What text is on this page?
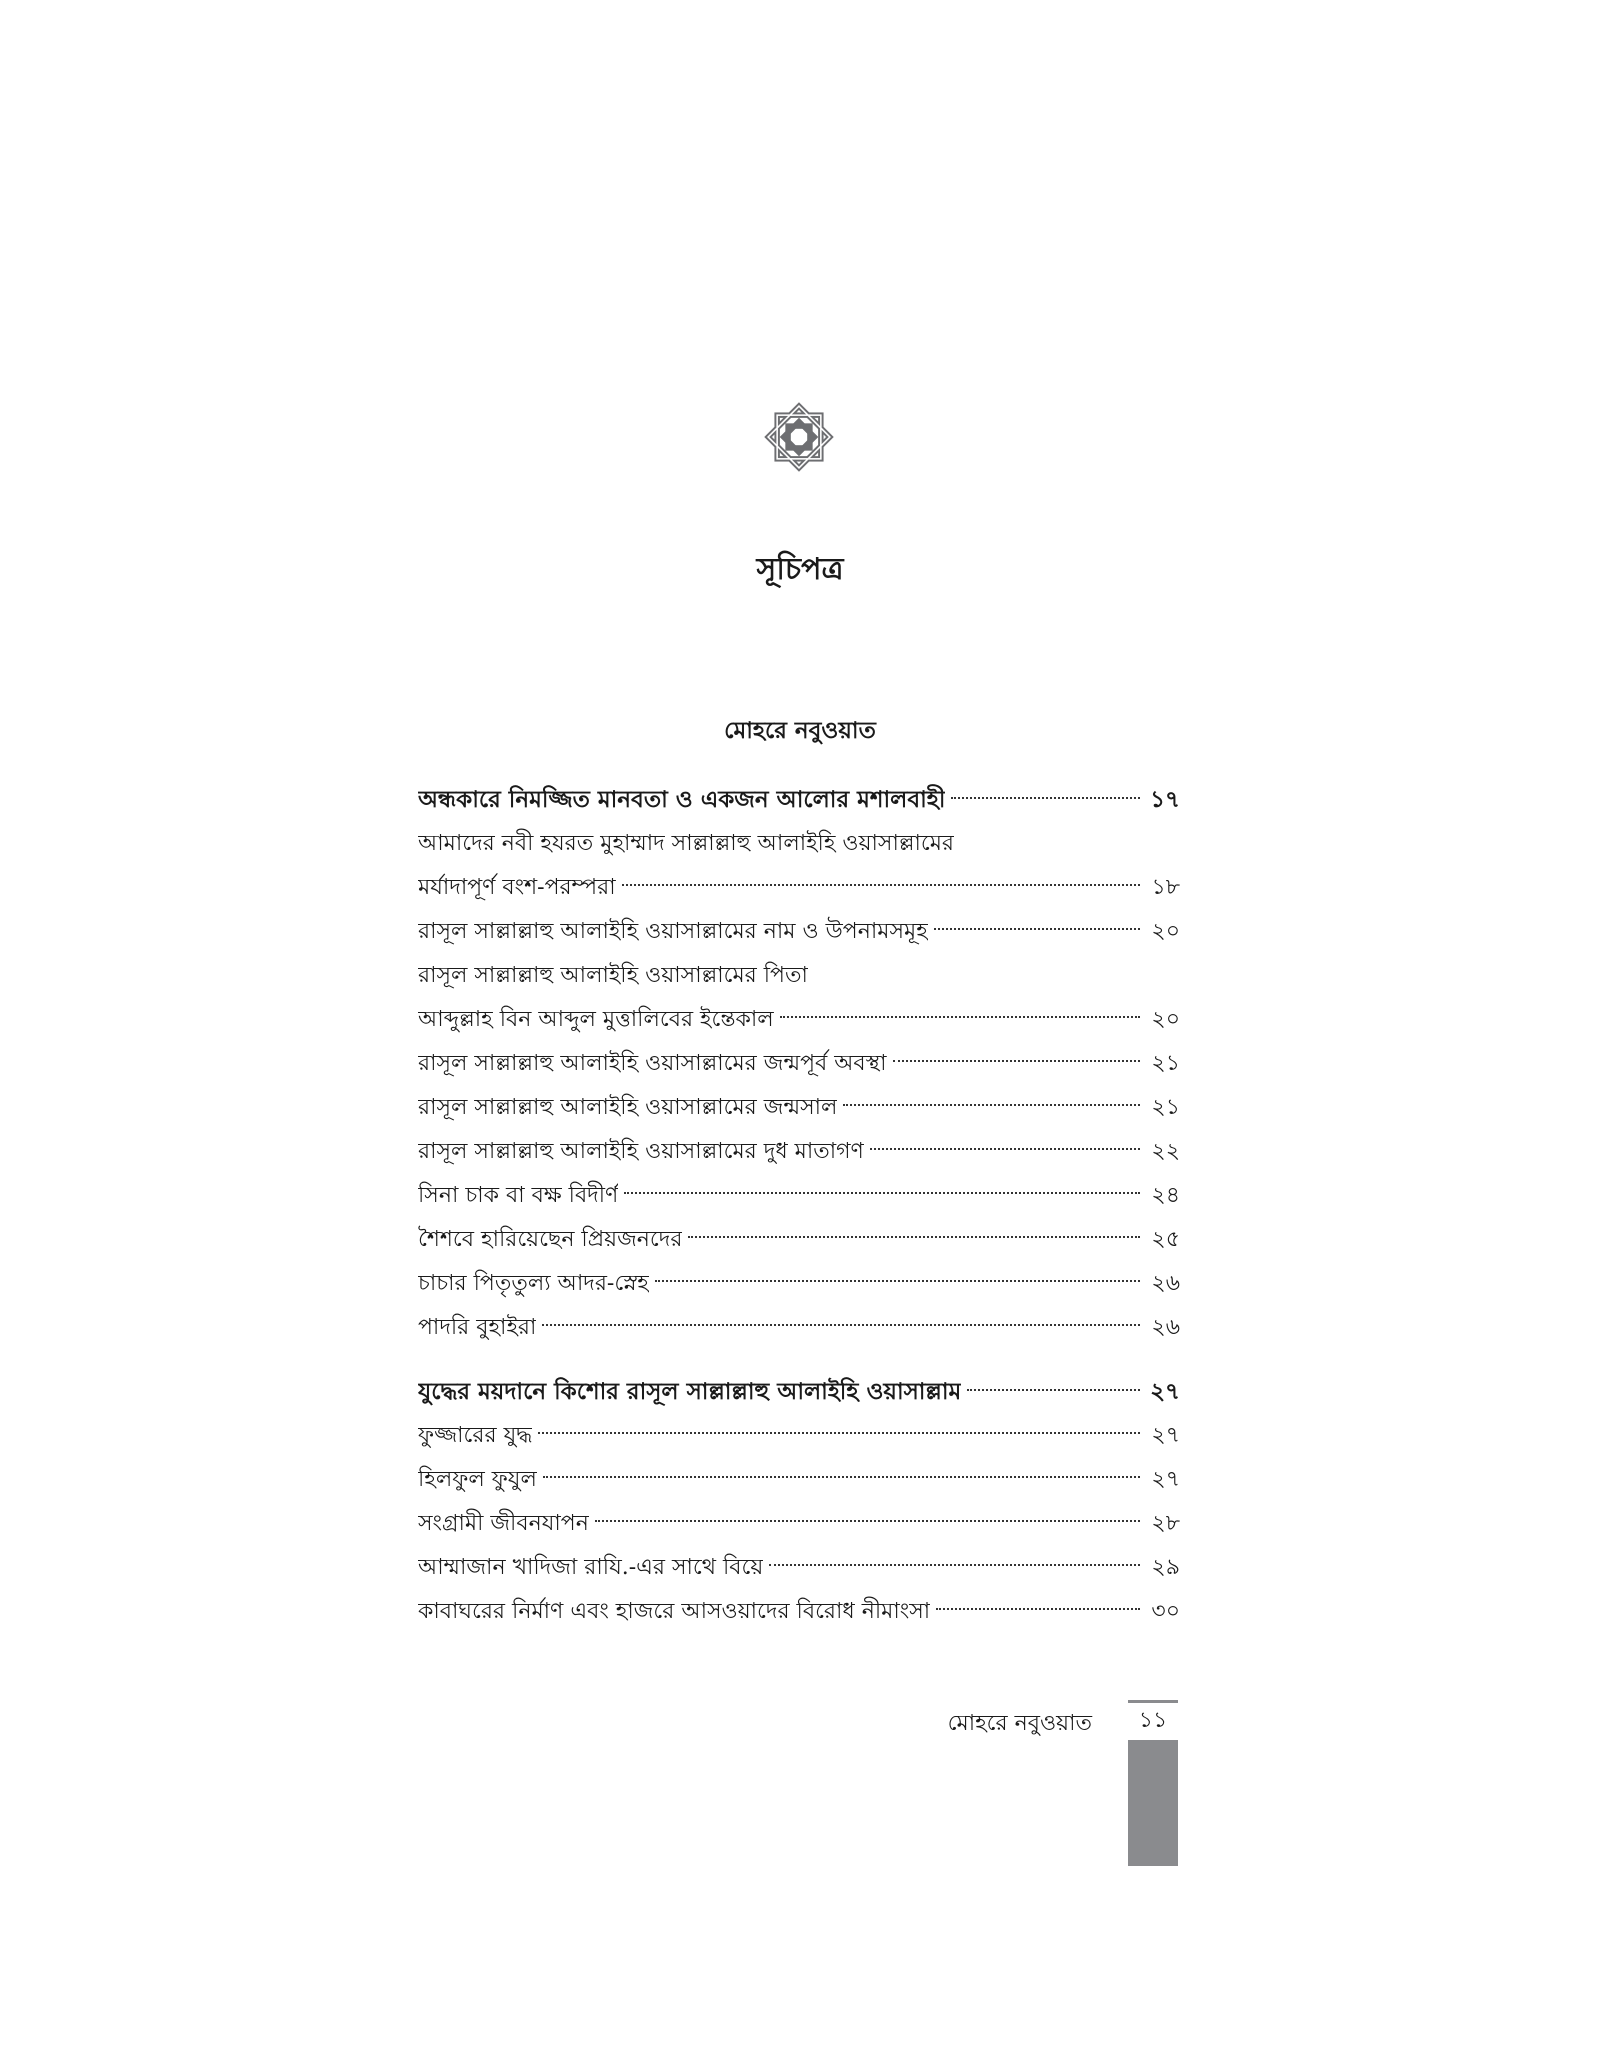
সূচিপত্র
মোহরে নবুওয়াত
অন্ধকারে নিমজ্জিত মানবতা ও একজন আলোর মশালবাহী	১৭
আমাদের নবী হযরত মুহাম্মাদ সাল্লাল্লাহু আলাইহি ওয়াসাল্লামের
মর্যাদাপূর্ণ বংশ-পরম্পরা	১৮
রাসূল সাল্লাল্লাহু আলাইহি ওয়াসাল্লামের নাম ও উপনামসমূহ	২০
রাসূল সাল্লাল্লাহু আলাইহি ওয়াসাল্লামের পিতা
আব্দুল্লাহ বিন আব্দুল মুত্তালিবের ইন্তেকাল	২০
রাসূল সাল্লাল্লাহু আলাইহি ওয়াসাল্লামের জন্মপূর্ব অবস্থা	২১
রাসূল সাল্লাল্লাহু আলাইহি ওয়াসাল্লামের জন্মসাল	২১
রাসূল সাল্লাল্লাহু আলাইহি ওয়াসাল্লামের দুধ মাতাগণ	২২
সিনা চাক বা বক্ষ বিদীর্ণ	২৪
শৈশবে হারিয়েছেন প্রিয়জনদের	২৫
চাচার পিতৃতুল্য আদর-স্নেহ	২৬
পাদরি বুহাইরা	২৬
যুদ্ধের ময়দানে কিশোর রাসূল সাল্লাল্লাহু আলাইহি ওয়াসাল্লাম	২৭
ফুজ্জারের যুদ্ধ	২৭
হিলফুল ফুযুল	২৭
সংগ্রামী জীবনযাপন	২৮
আম্মাজান খাদিজা রাযি.-এর সাথে বিয়ে	২৯
কাবাঘরের নির্মাণ এবং হাজরে আসওয়াদের বিরোধ নীমাংসা	৩০
মোহরে নবুওয়াত	১১
